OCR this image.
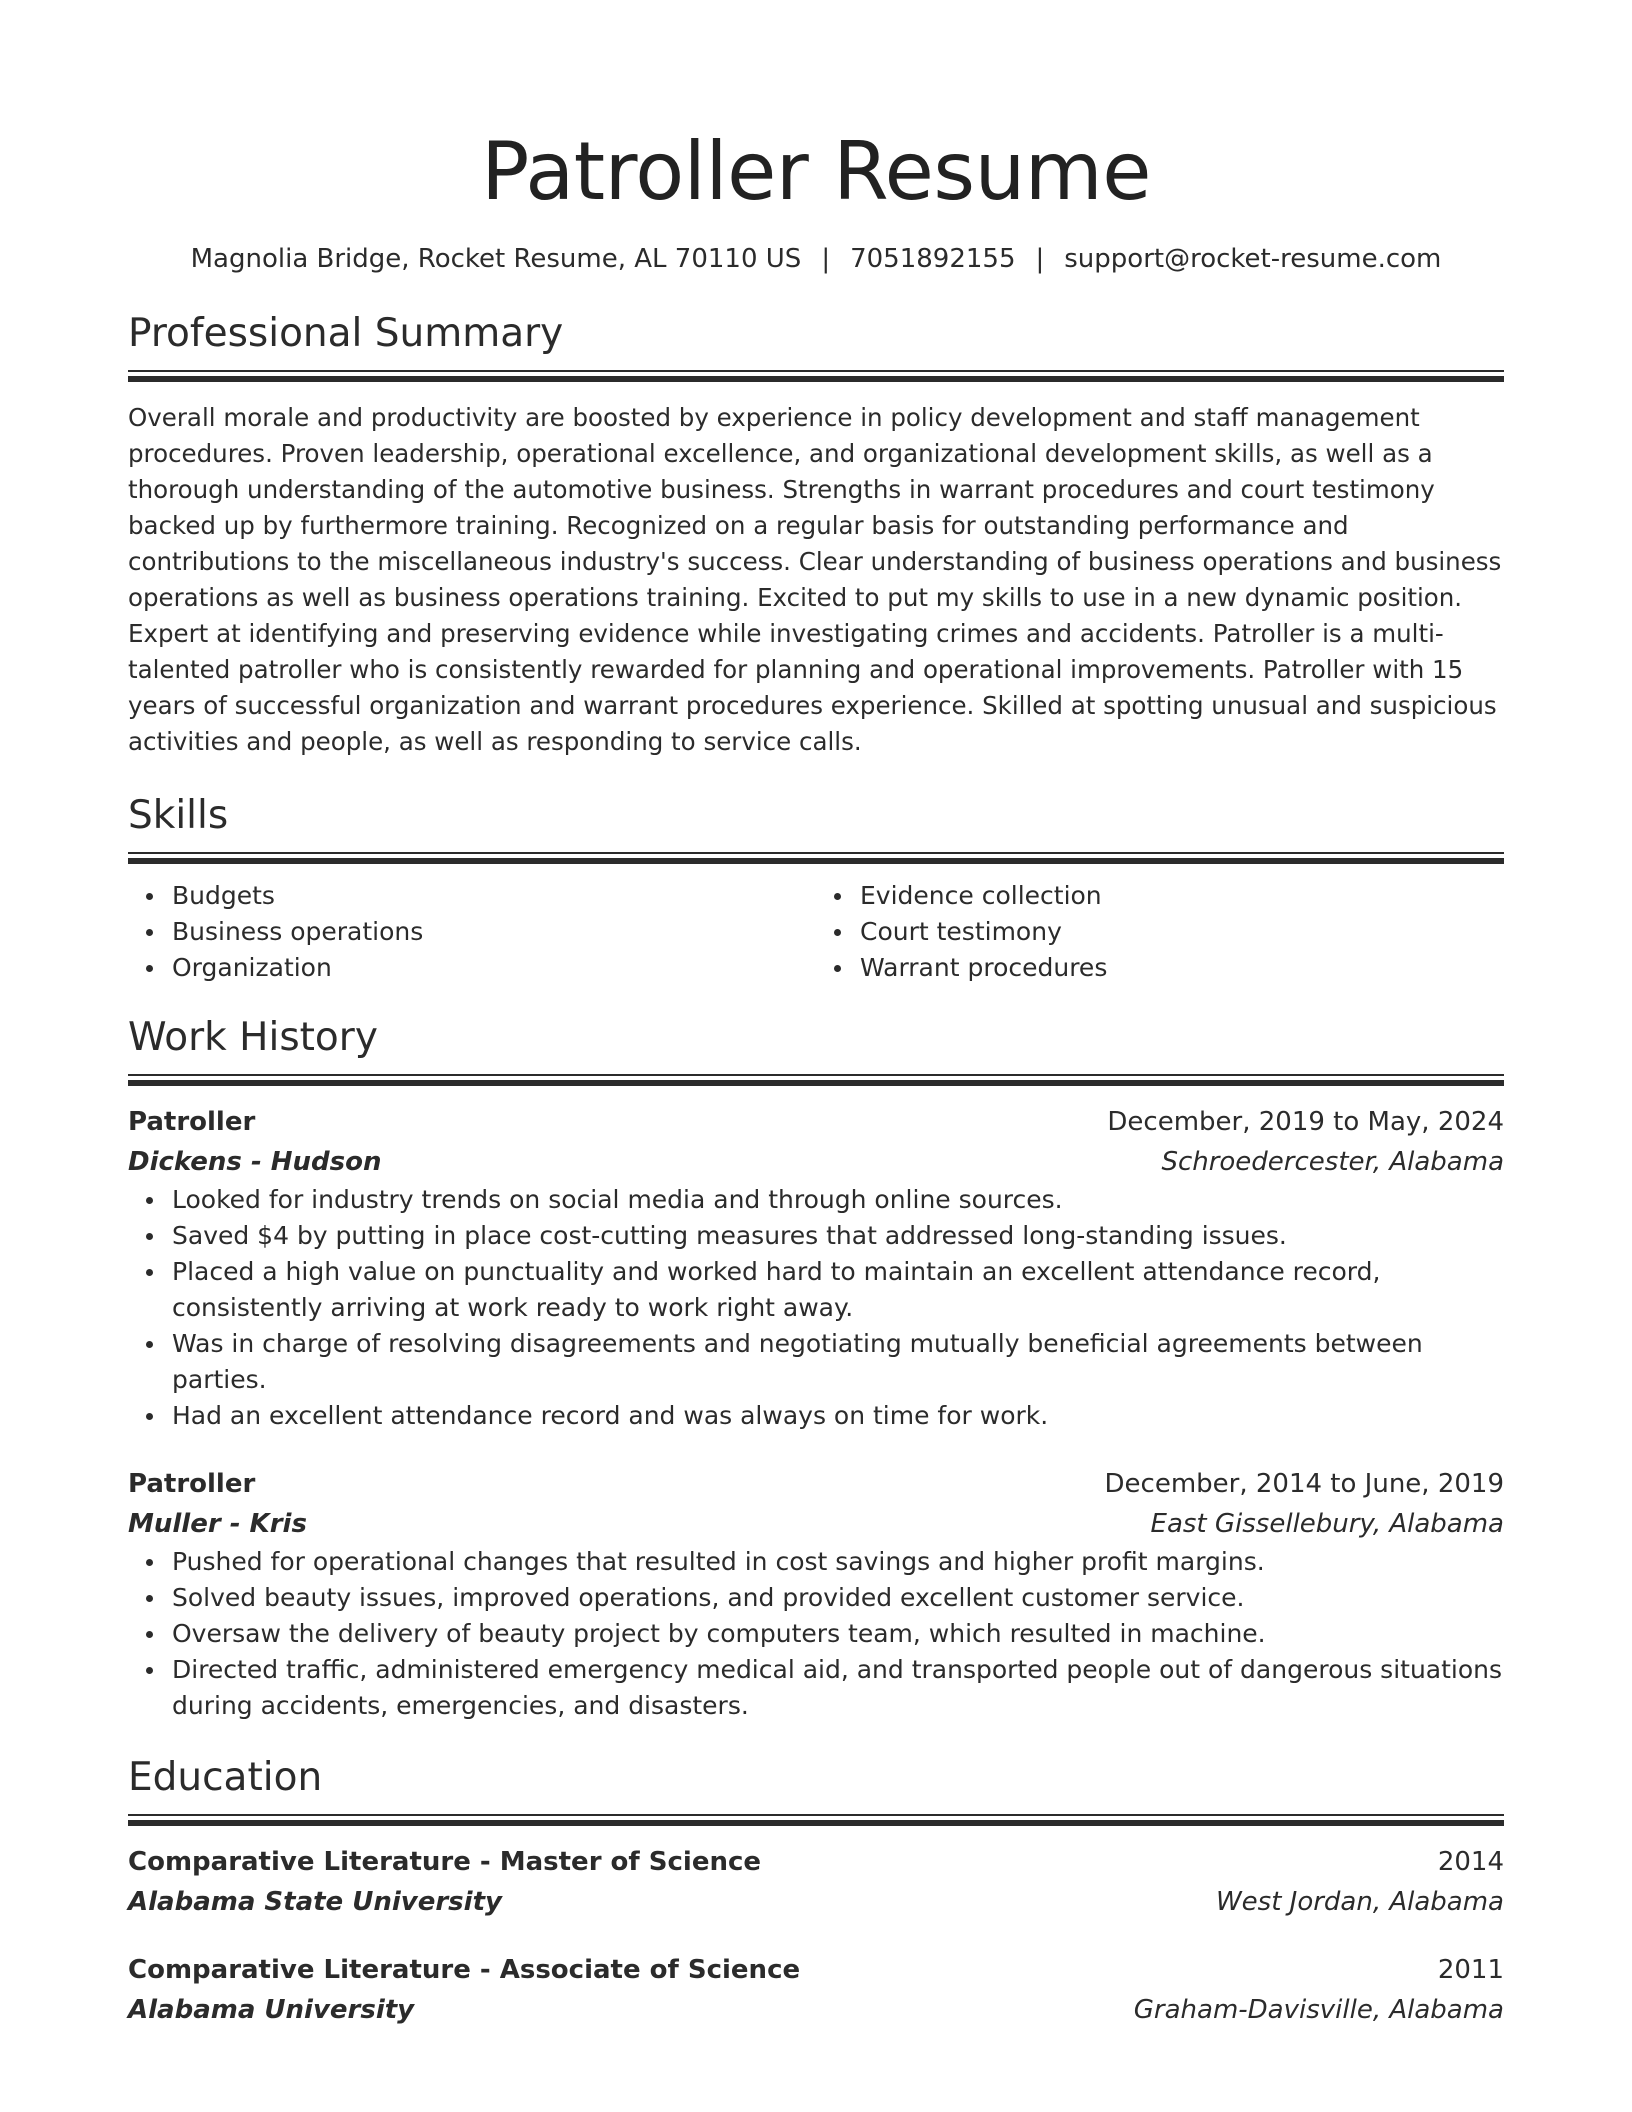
Patroller Resume
Magnolia Bridge, Rocket Resume, AL 70110 US | 7051892155 | support@rocket-resume.com
Professional Summary
Overall morale and productivity are boosted by experience in policy development and staff management procedures. Proven leadership, operational excellence, and organizational development skills, as well as a thorough understanding of the automotive business. Strengths in warrant procedures and court testimony backed up by furthermore training. Recognized on a regular basis for outstanding performance and contributions to the miscellaneous industry's success. Clear understanding of business operations and business operations as well as business operations training. Excited to put my skills to use in a new dynamic position. Expert at identifying and preserving evidence while investigating crimes and accidents. Patroller is a multi-talented patroller who is consistently rewarded for planning and operational improvements. Patroller with 15 years of successful organization and warrant procedures experience. Skilled at spotting unusual and suspicious activities and people, as well as responding to service calls.
Skills
Budgets
Business operations
Organization
Evidence collection
Court testimony
Warrant procedures
Work History
Patroller	December, 2019 to May, 2024
Dickens - Hudson	Schroedercester, Alabama
Looked for industry trends on social media and through online sources.
Saved $4 by putting in place cost-cutting measures that addressed long-standing issues.
Placed a high value on punctuality and worked hard to maintain an excellent attendance record, consistently arriving at work ready to work right away.
Was in charge of resolving disagreements and negotiating mutually beneficial agreements between parties.
Had an excellent attendance record and was always on time for work.
Patroller	December, 2014 to June, 2019
Muller - Kris	East Gissellebury, Alabama
Pushed for operational changes that resulted in cost savings and higher profit margins.
Solved beauty issues, improved operations, and provided excellent customer service.
Oversaw the delivery of beauty project by computers team, which resulted in machine.
Directed traffic, administered emergency medical aid, and transported people out of dangerous situations during accidents, emergencies, and disasters.
Education
Comparative Literature - Master of Science	2014
Alabama State University	West Jordan, Alabama
Comparative Literature - Associate of Science	2011
Alabama University	Graham-Davisville, Alabama
